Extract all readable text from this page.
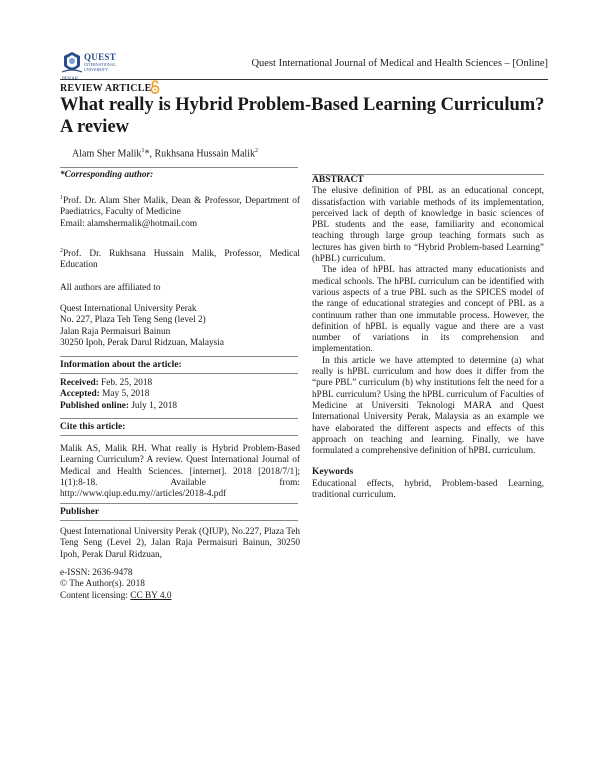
QUEST
INTERNATIONAL UNIVERSITY
PERAK
Quest International Journal of Medical and Health Sciences – [Online]
REVIEW ARTICLE
What really is Hybrid Problem-Based Learning Curriculum? A review
Alam Sher Malik$^1$*, Rukhsana Hussain Malik$^2$

*Corresponding author:

$^1$Prof. Dr. Alam Sher Malik, Dean & Professor, Department of Paediatrics, Faculty of Medicine

Email: alamshermalik@hotmail.com

$^2$Prof. Dr. Rukhsana Hussain Malik, Professor, Medical Education

All authors are affiliated to

Quest International University Perak

No. 227, Plaza Teh Teng Seng (level 2)

Jalan Raja Permaisuri Bainun

30250 Ipoh, Perak Darul Ridzuan, Malaysia

Information about the article:

Received: Feb. 25, 2018

Accepted: May 5, 2018

Published online: July 1, 2018

Cite this article:
Malik AS, Malik RH. What really is Hybrid Problem-Based Learning Curriculum? A review. Quest International Journal of Medical and Health Sciences. [internet]. 2018 [2018/7/1]; 1(1):8-18. Available from: http://www.qiup.edu.my//articles/2018-4.pdf
Publisher
Quest International University Perak (QIUP), No.227, Plaza Teh Teng Seng (Level 2), Jalan Raja Permaisuri Bainun, 30250 Ipoh, Perak Darul Ridzuan,

e-ISSN: 2636-9478

© The Author(s). 2018

Content licensing: CC BY 4.0

ABSTRACT

The elusive definition of PBL as an educational concept, dissatisfaction with variable methods of its implementation, perceived lack of depth of knowledge in basic sciences of PBL students and the ease, familiarity and economical teaching through large group teaching formats such as lectures has given birth to “Hybrid Problem-based Learning” (hPBL) curriculum.

The idea of hPBL has attracted many educationists and medical schools. The hPBL curriculum can be identified with various aspects of a true PBL such as the SPICES model of the range of educational strategies and concept of PBL as a continuum rather than one immutable process. However, the definition of hPBL is equally vague and there are a vast number of variations in its comprehension and implementation.

In this article we have attempted to determine (a) what really is hPBL curriculum and how does it differ from the “pure PBL” curriculum (b) why institutions felt the need for a hPBL curriculum? Using the hPBL curriculum of Faculties of Medicine at Universiti Teknologi MARA and Quest International University Perak, Malaysia as an example we have elaborated the different aspects and effects of this approach on teaching and learning. Finally, we have formulated a comprehensive definition of hPBL curriculum.

Keywords

Educational effects, hybrid, Problem-based Learning, traditional curriculum.
